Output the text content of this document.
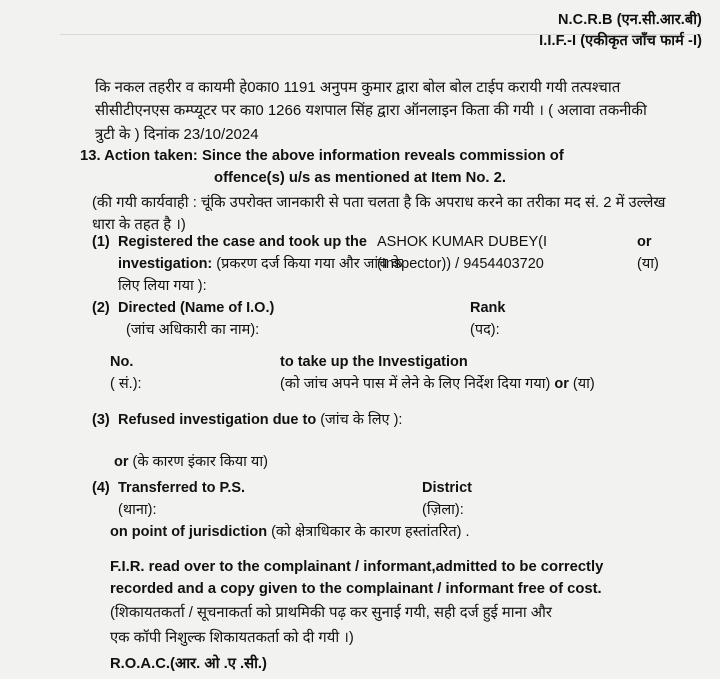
N.C.R.B (एन.सी.आर.बी)
I.I.F.-I (एकीकृत जाँच फार्म -I)
कि नकल तहरीर व कायमी हे0का0 1191 अनुपम कुमार द्वारा बोल बोल टाईप करायी गयी तत्पश्चात सीसीटीएनएस कम्प्यूटर पर का0 1266 यशपाल सिंह द्वारा ऑनलाइन किता की गयी । ( अलावा तकनीकी त्रुटी के ) दिनांक 23/10/2024
13. Action taken: Since the above information reveals commission of
offence(s) u/s as mentioned at Item No. 2.
(की गयी कार्यवाही : चूंकि उपरोक्त जानकारी से पता चलता है कि अपराध करने का तरीका मद सं. 2 में उल्लेख धारा के तहत है ।)
(1) Registered the case and took up the investigation: (प्रकरण दर्ज किया गया और जांच के लिए लिया गया ):
ASHOK KUMAR DUBEY(I
(Inspector)) / 9454403720
or
(या)
(2) Directed (Name of I.O.)
(जांच अधिकारी का नाम):
Rank
(पद):
No.
( सं.):
to take up the Investigation
(को जांच अपने पास में लेने के लिए निर्देश दिया गया) or (या)
(3) Refused investigation due to (जांच के लिए ):
or (के कारण इंकार किया या)
(4) Transferred to P.S.
(थाना):
District
(ज़िला):
on point of jurisdiction (को क्षेत्राधिकार के कारण हस्तांतरित) .
F.I.R. read over to the complainant / informant,admitted to be correctly
recorded and a copy given to the complainant / informant free of cost.
(शिकायतकर्ता / सूचनाकर्ता को प्राथमिकी पढ़ कर सुनाई गयी, सही दर्ज हुई माना और
एक कॉपी निशुल्क शिकायतकर्ता को दी गयी ।)
R.O.A.C.(आर. ओ .ए .सी.)
